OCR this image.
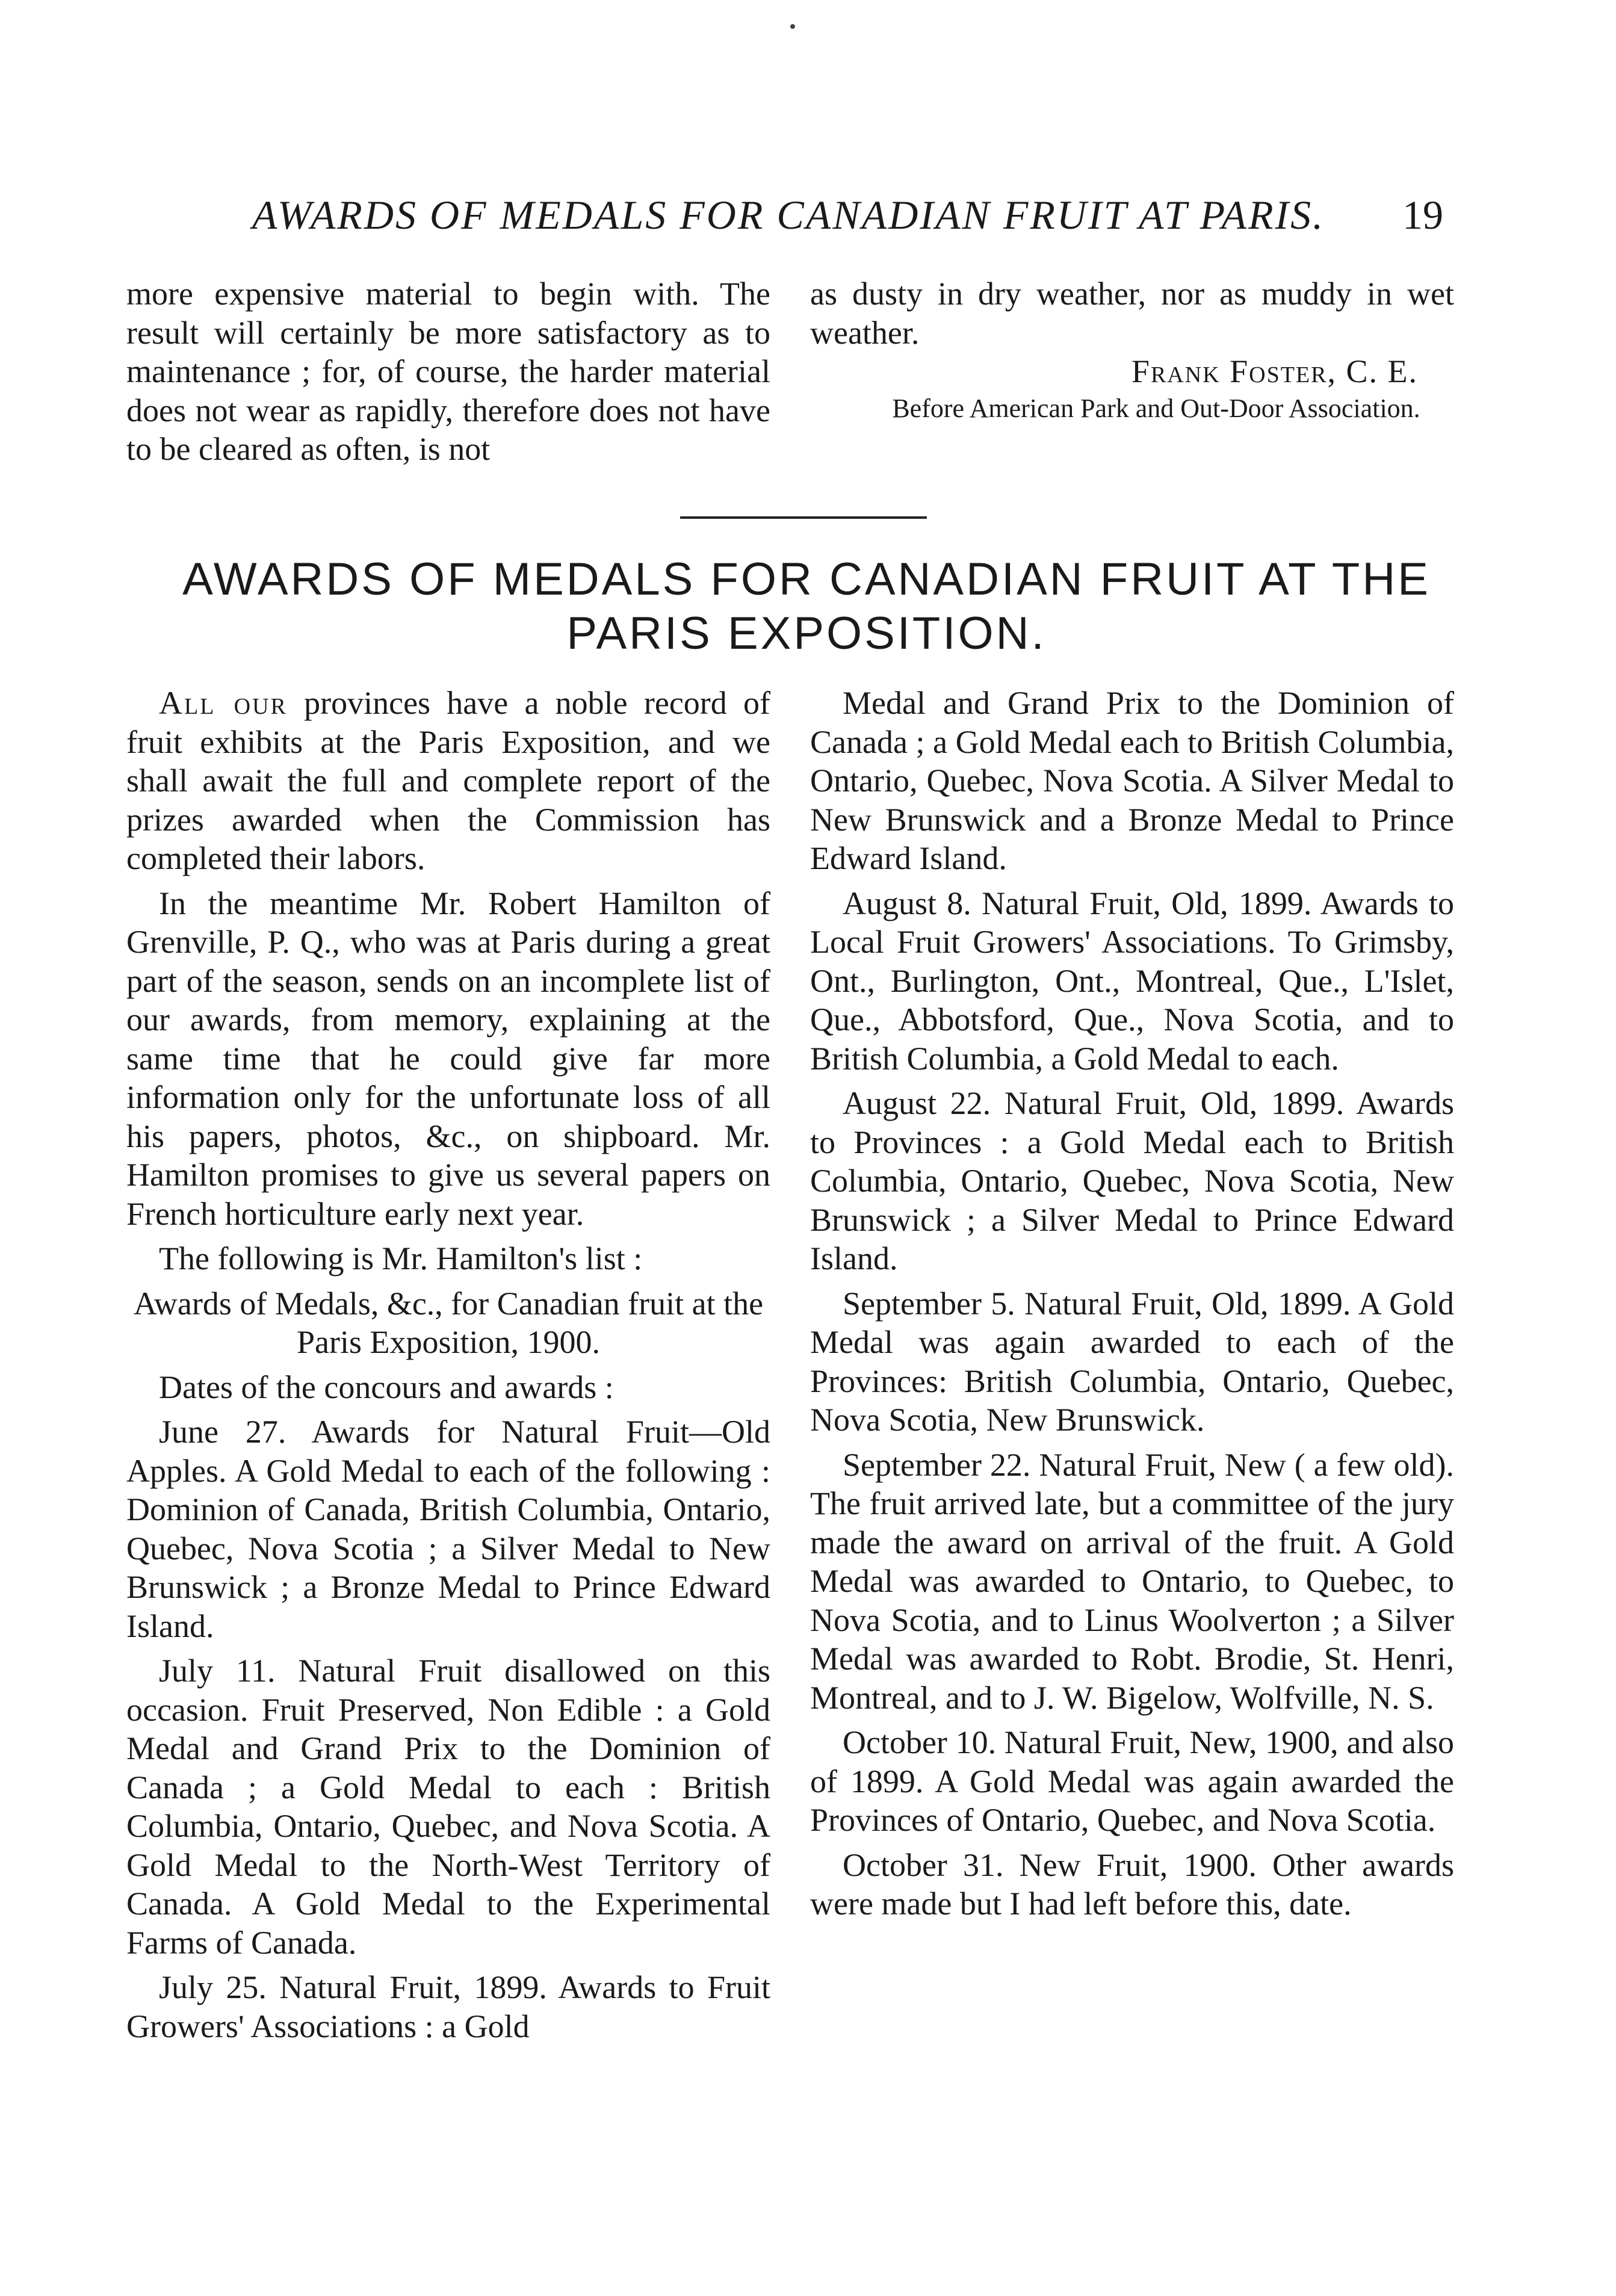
AWARDS OF MEDALS FOR CANADIAN FRUIT AT PARIS. 19

more expensive material to begin with. The result will certainly be more satisfactory as to maintenance ; for, of course, the harder material does not wear as rapidly, therefore does not have to be cleared as often, is not

as dusty in dry weather, nor as muddy in wet weather.

Frank Foster, C. E.

Before American Park and Out-Door Association.

AWARDS OF MEDALS FOR CANADIAN FRUIT AT THE PARIS EXPOSITION.

All our provinces have a noble record of fruit exhibits at the Paris Exposition, and we shall await the full and complete report of the prizes awarded when the Commission has completed their labors.

In the meantime Mr. Robert Hamilton of Grenville, P. Q., who was at Paris during a great part of the season, sends on an incomplete list of our awards, from memory, explaining at the same time that he could give far more information only for the unfortunate loss of all his papers, photos, &c., on shipboard. Mr. Hamilton promises to give us several papers on French horticulture early next year.

The following is Mr. Hamilton's list :

Awards of Medals, &c., for Canadian fruit at the Paris Exposition, 1900.

Dates of the concours and awards :

June 27. Awards for Natural Fruit—Old Apples. A Gold Medal to each of the following : Dominion of Canada, British Columbia, Ontario, Quebec, Nova Scotia ; a Silver Medal to New Brunswick ; a Bronze Medal to Prince Edward Island.

July 11. Natural Fruit disallowed on this occasion. Fruit Preserved, Non Edible : a Gold Medal and Grand Prix to the Dominion of Canada ; a Gold Medal to each : British Columbia, Ontario, Quebec, and Nova Scotia. A Gold Medal to the North-West Territory of Canada. A Gold Medal to the Experimental Farms of Canada.

July 25. Natural Fruit, 1899. Awards to Fruit Growers' Associations : a Gold

Medal and Grand Prix to the Dominion of Canada ; a Gold Medal each to British Columbia, Ontario, Quebec, Nova Scotia. A Silver Medal to New Brunswick and a Bronze Medal to Prince Edward Island.

August 8. Natural Fruit, Old, 1899. Awards to Local Fruit Growers' Associations. To Grimsby, Ont., Burlington, Ont., Montreal, Que., L'Islet, Que., Abbotsford, Que., Nova Scotia, and to British Columbia, a Gold Medal to each.

August 22. Natural Fruit, Old, 1899. Awards to Provinces : a Gold Medal each to British Columbia, Ontario, Quebec, Nova Scotia, New Brunswick ; a Silver Medal to Prince Edward Island.

September 5. Natural Fruit, Old, 1899. A Gold Medal was again awarded to each of the Provinces: British Columbia, Ontario, Quebec, Nova Scotia, New Brunswick.

September 22. Natural Fruit, New ( a few old). The fruit arrived late, but a committee of the jury made the award on arrival of the fruit. A Gold Medal was awarded to Ontario, to Quebec, to Nova Scotia, and to Linus Woolverton ; a Silver Medal was awarded to Robt. Brodie, St. Henri, Montreal, and to J. W. Bigelow, Wolfville, N. S.

October 10. Natural Fruit, New, 1900, and also of 1899. A Gold Medal was again awarded the Provinces of Ontario, Quebec, and Nova Scotia.

October 31. New Fruit, 1900. Other awards were made but I had left before this, date.
